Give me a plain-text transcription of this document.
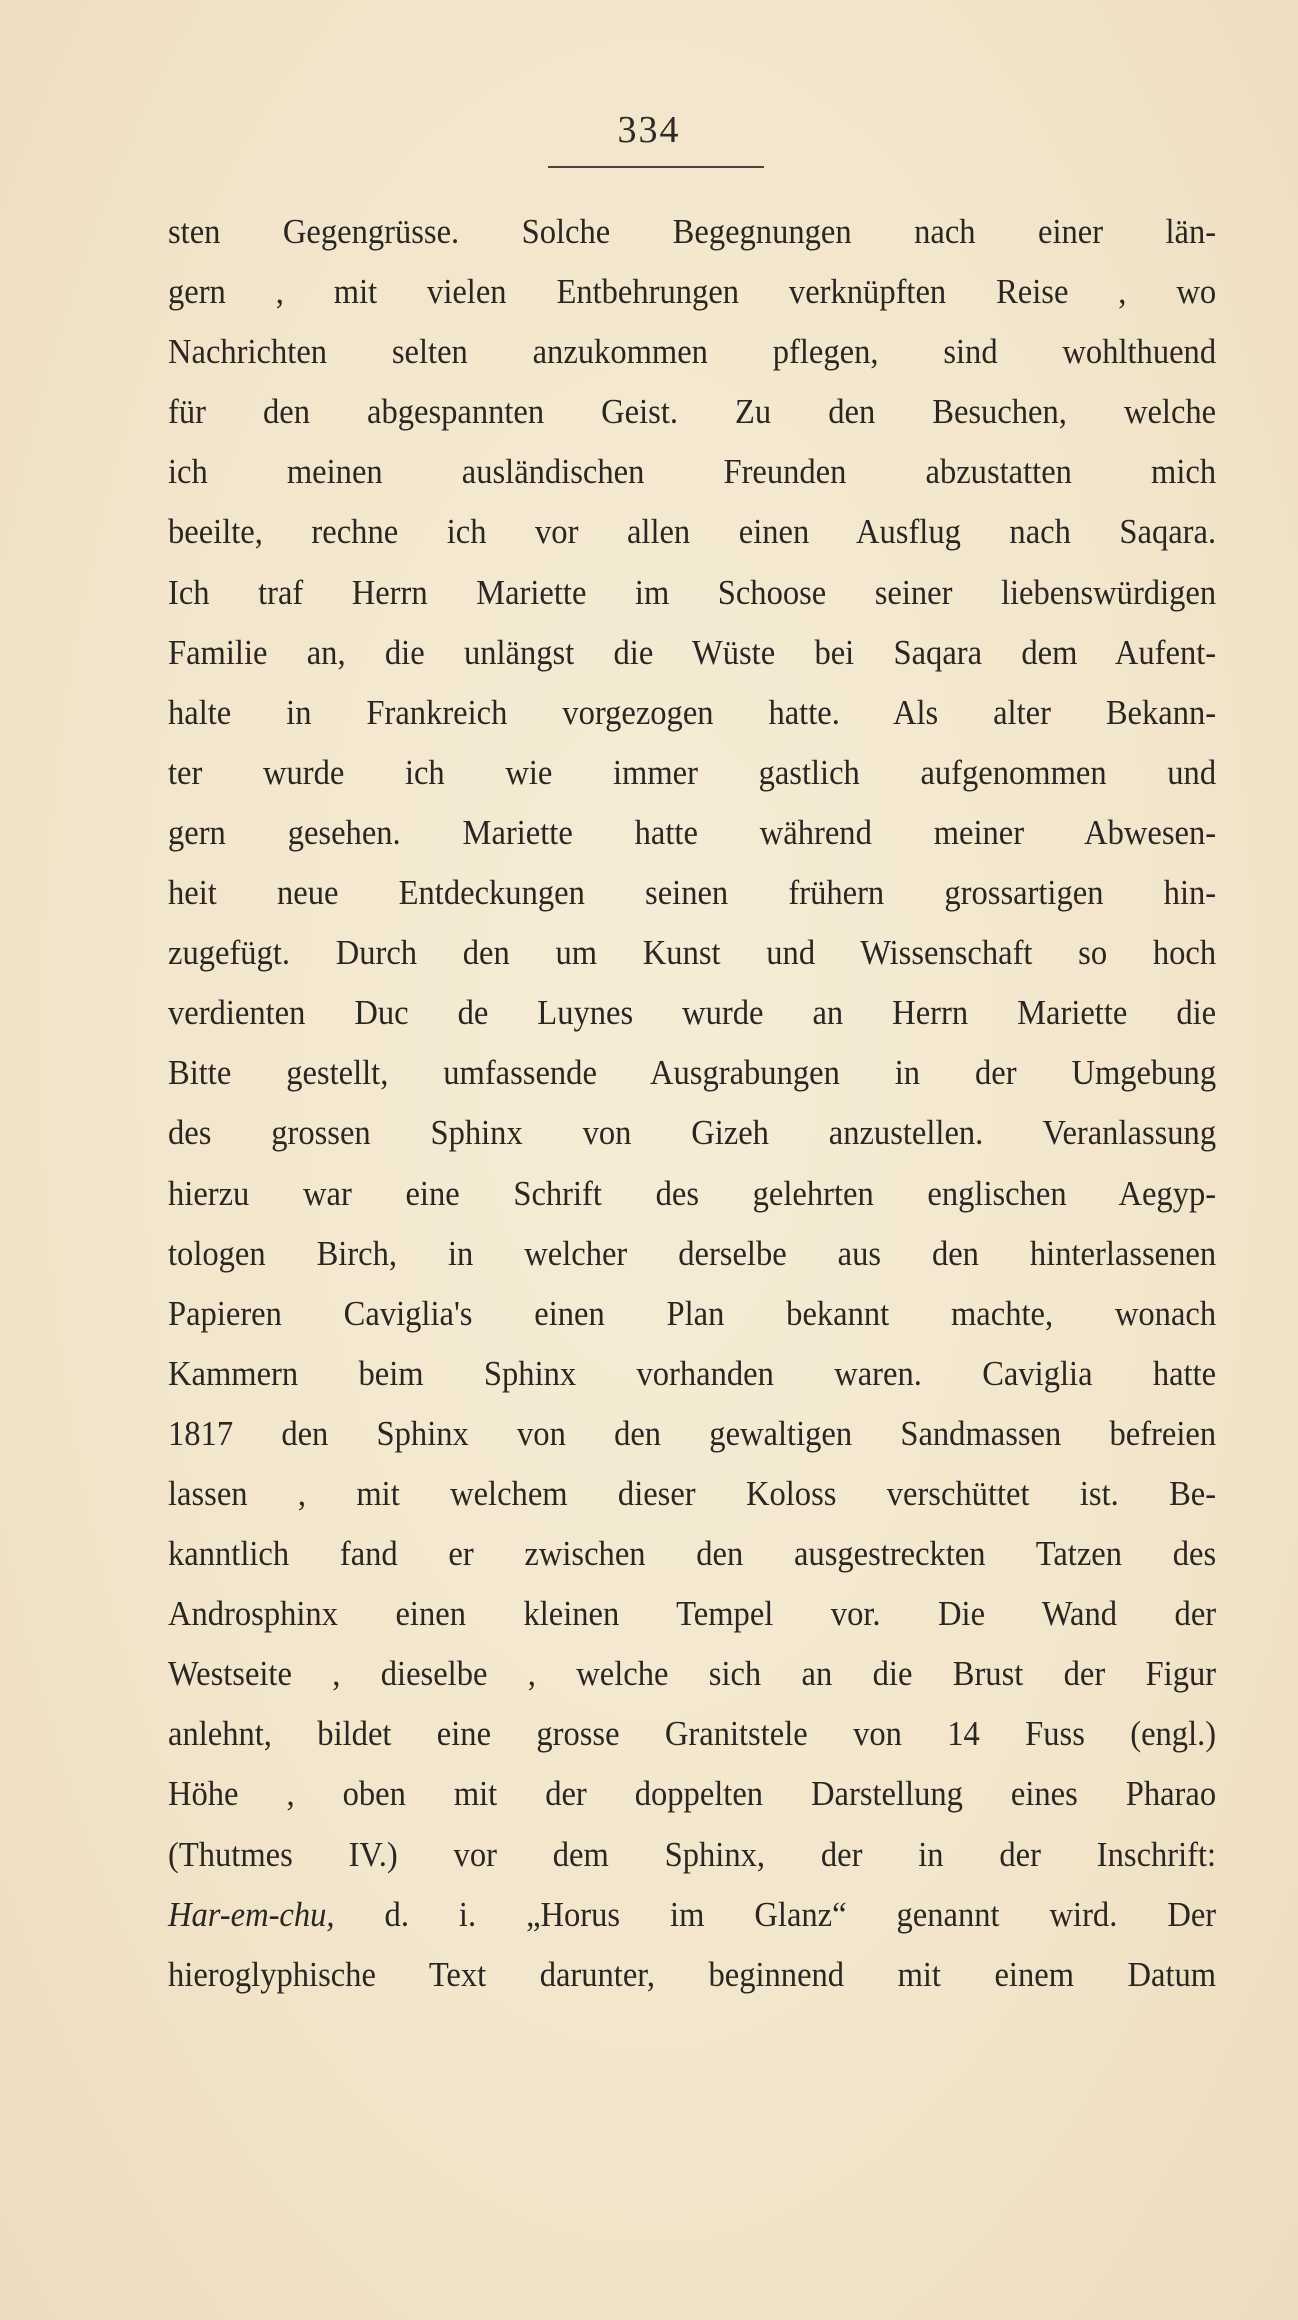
334
sten Gegengrüsse. Solche Begegnungen nach einer län-
gern , mit vielen Entbehrungen verknüpften Reise , wo
Nachrichten selten anzukommen pflegen, sind wohlthuend
für den abgespannten Geist. Zu den Besuchen, welche
ich meinen ausländischen Freunden abzustatten mich
beeilte, rechne ich vor allen einen Ausflug nach Saqara.
Ich traf Herrn Mariette im Schoose seiner liebenswürdigen
Familie an, die unlängst die Wüste bei Saqara dem Aufent-
halte in Frankreich vorgezogen hatte. Als alter Bekann-
ter wurde ich wie immer gastlich aufgenommen und
gern gesehen. Mariette hatte während meiner Abwesen-
heit neue Entdeckungen seinen frühern grossartigen hin-
zugefügt. Durch den um Kunst und Wissenschaft so hoch
verdienten Duc de Luynes wurde an Herrn Mariette die
Bitte gestellt, umfassende Ausgrabungen in der Umgebung
des grossen Sphinx von Gizeh anzustellen. Veranlassung
hierzu war eine Schrift des gelehrten englischen Aegyp-
tologen Birch, in welcher derselbe aus den hinterlassenen
Papieren Caviglia's einen Plan bekannt machte, wonach
Kammern beim Sphinx vorhanden waren. Caviglia hatte
1817 den Sphinx von den gewaltigen Sandmassen befreien
lassen , mit welchem dieser Koloss verschüttet ist. Be-
kanntlich fand er zwischen den ausgestreckten Tatzen des
Androsphinx einen kleinen Tempel vor. Die Wand der
Westseite , dieselbe , welche sich an die Brust der Figur
anlehnt, bildet eine grosse Granitstele von 14 Fuss (engl.)
Höhe , oben mit der doppelten Darstellung eines Pharao
(Thutmes IV.) vor dem Sphinx, der in der Inschrift:
Har-em-chu, d. i. „Horus im Glanz“ genannt wird. Der
hieroglyphische Text darunter, beginnend mit einem Datum
